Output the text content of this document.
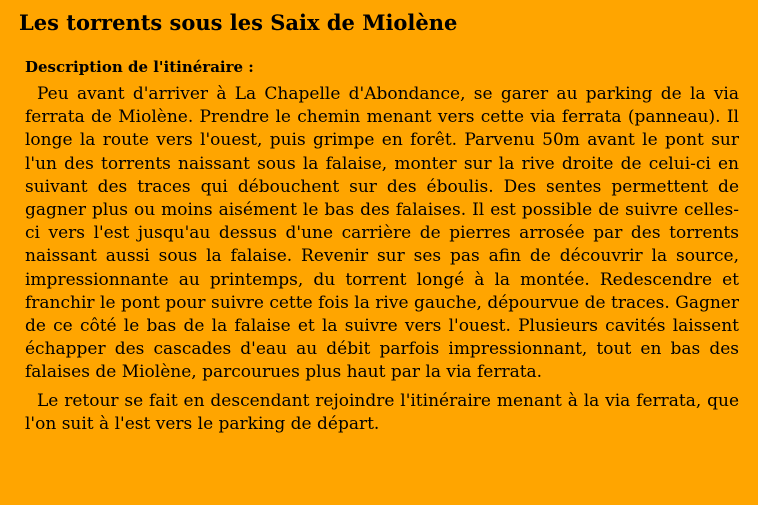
Les torrents sous les Saix de Miolène
Description de l'itinéraire :

Peu avant d'arriver à La Chapelle d'Abondance, se garer au parking de la via ferrata de Miolène. Prendre le chemin menant vers cette via ferrata (panneau). Il longe la route vers l'ouest, puis grimpe en forêt. Parvenu 50m avant le pont sur l'un des torrents naissant sous la falaise, monter sur la rive droite de celui-ci en suivant des traces qui débouchent sur des éboulis. Des sentes permettent de gagner plus ou moins aisément le bas des falaises. Il est possible de suivre celles-ci vers l'est jusqu'au dessus d'une carrière de pierres arrosée par des torrents naissant aussi sous la falaise. Revenir sur ses pas afin de découvrir la source, impressionnante au printemps, du torrent longé à la montée. Redescendre et franchir le pont pour suivre cette fois la rive gauche, dépourvue de traces. Gagner de ce côté le bas de la falaise et la suivre vers l'ouest. Plusieurs cavités laissent échapper des cascades d'eau au débit parfois impressionnant, tout en bas des falaises de Miolène, parcourues plus haut par la via ferrata.

Le retour se fait en descendant rejoindre l'itinéraire menant à la via ferrata, que l'on suit à l'est vers le parking de départ.
